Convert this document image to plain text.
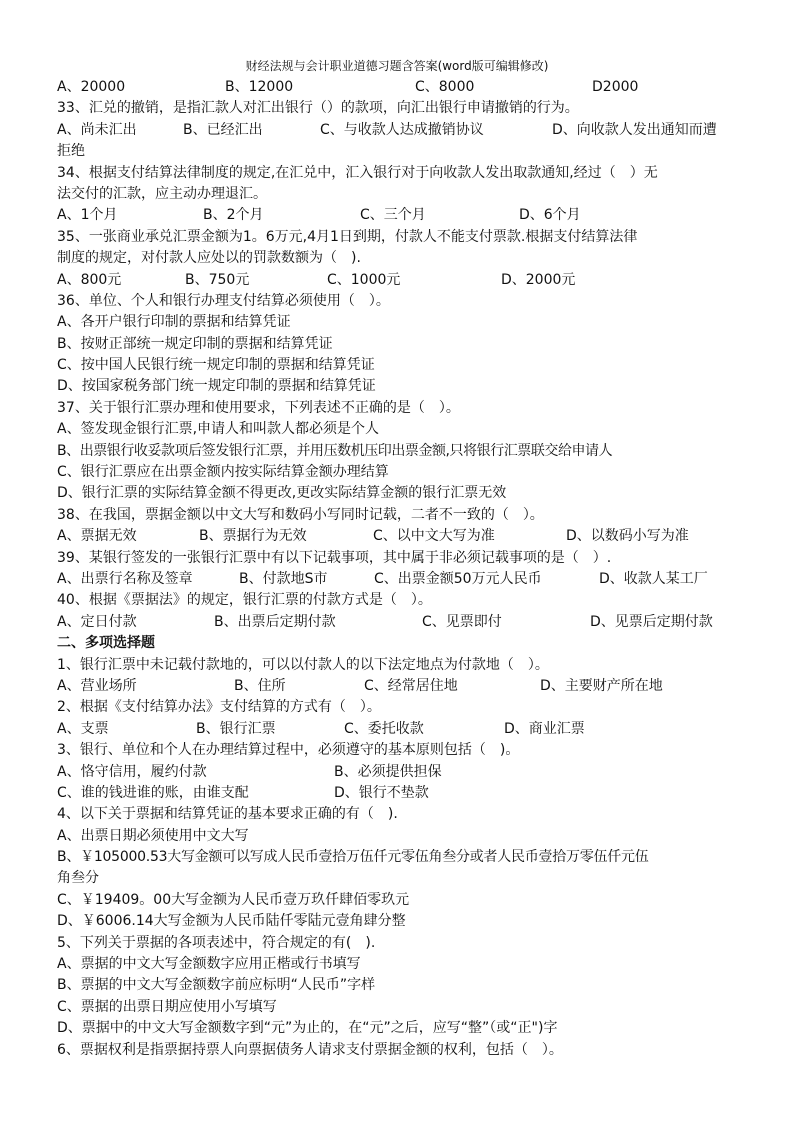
财经法规与会计职业道德习题含答案(word版可编辑修改)
A、20000	B、12000	C、8000	D2000
33、汇兑的撤销，是指汇款人对汇出银行（）的款项，向汇出银行申请撤销的行为。
A、尚未汇出	B、已经汇出	C、与收款人达成撤销协议	D、向收款人发出通知而遭
拒绝
34、根据支付结算法律制度的规定,在汇兑中，汇入银行对于向收款人发出取款通知,经过（　）无
法交付的汇款，应主动办理退汇。
A、1个月	B、2个月	C、三个月	D、6个月
35、一张商业承兑汇票金额为1。6万元,4月1日到期，付款人不能支付票款.根据支付结算法律
制度的规定，对付款人应处以的罚款数额为（　).
A、800元	B、750元	C、1000元	D、2000元
36、单位、个人和银行办理支付结算必须使用（　）。
A、各开户银行印制的票据和结算凭证
B、按财正部统一规定印制的票据和结算凭证
C、按中国人民银行统一规定印制的票据和结算凭证
D、按国家税务部门统一规定印制的票据和结算凭证
37、关于银行汇票办理和使用要求，下列表述不正确的是（　）。
A、签发现金银行汇票,申请人和叫款人都必须是个人
B、出票银行收妥款项后签发银行汇票，并用压数机压印出票金额,只将银行汇票联交给申请人
C、银行汇票应在出票金额内按实际结算金额办理结算
D、银行汇票的实际结算金额不得更改,更改实际结算金额的银行汇票无效
38、在我国，票据金额以中文大写和数码小写同时记载，二者不一致的（　）。
A、票据无效	B、票据行为无效	C、以中文大写为准	D、以数码小写为准
39、某银行签发的一张银行汇票中有以下记载事项，其中属于非必须记载事项的是（　）.
A、出票行名称及签章	B、付款地S市	C、出票金额50万元人民币	D、收款人某工厂
40、根据《票据法》的规定，银行汇票的付款方式是（　）。
A、定日付款	B、出票后定期付款	C、见票即付	D、见票后定期付款
二、多项选择题
1、银行汇票中未记载付款地的，可以以付款人的以下法定地点为付款地（　）。
A、营业场所	B、住所	C、经常居住地	D、主要财产所在地
2、根据《支付结算办法》支付结算的方式有（　）。
A、支票	B、银行汇票	C、委托收款	D、商业汇票
3、银行、单位和个人在办理结算过程中，必须遵守的基本原则包括（　)。
A、恪守信用，履约付款	B、必须提供担保
C、谁的钱进谁的账，由谁支配	D、银行不垫款
4、以下关于票据和结算凭证的基本要求正确的有（　).
A、出票日期必须使用中文大写
B、￥105000.53大写金额可以写成人民币壹拾万伍仟元零伍角叁分或者人民币壹拾万零伍仟元伍
角叁分
C、￥19409。00大写金额为人民币壹万玖仟肆佰零玖元
D、￥6006.14大写金额为人民币陆仟零陆元壹角肆分整
5、下列关于票据的各项表述中，符合规定的有(　).
A、票据的中文大写金额数字应用正楷或行书填写
B、票据的中文大写金额数字前应标明“人民币”字样
C、票据的出票日期应使用小写填写
D、票据中的中文大写金额数字到“元”为止的，在“元”之后，应写“整”（或“正")字
6、票据权利是指票据持票人向票据债务人请求支付票据金额的权利，包括（　）。
